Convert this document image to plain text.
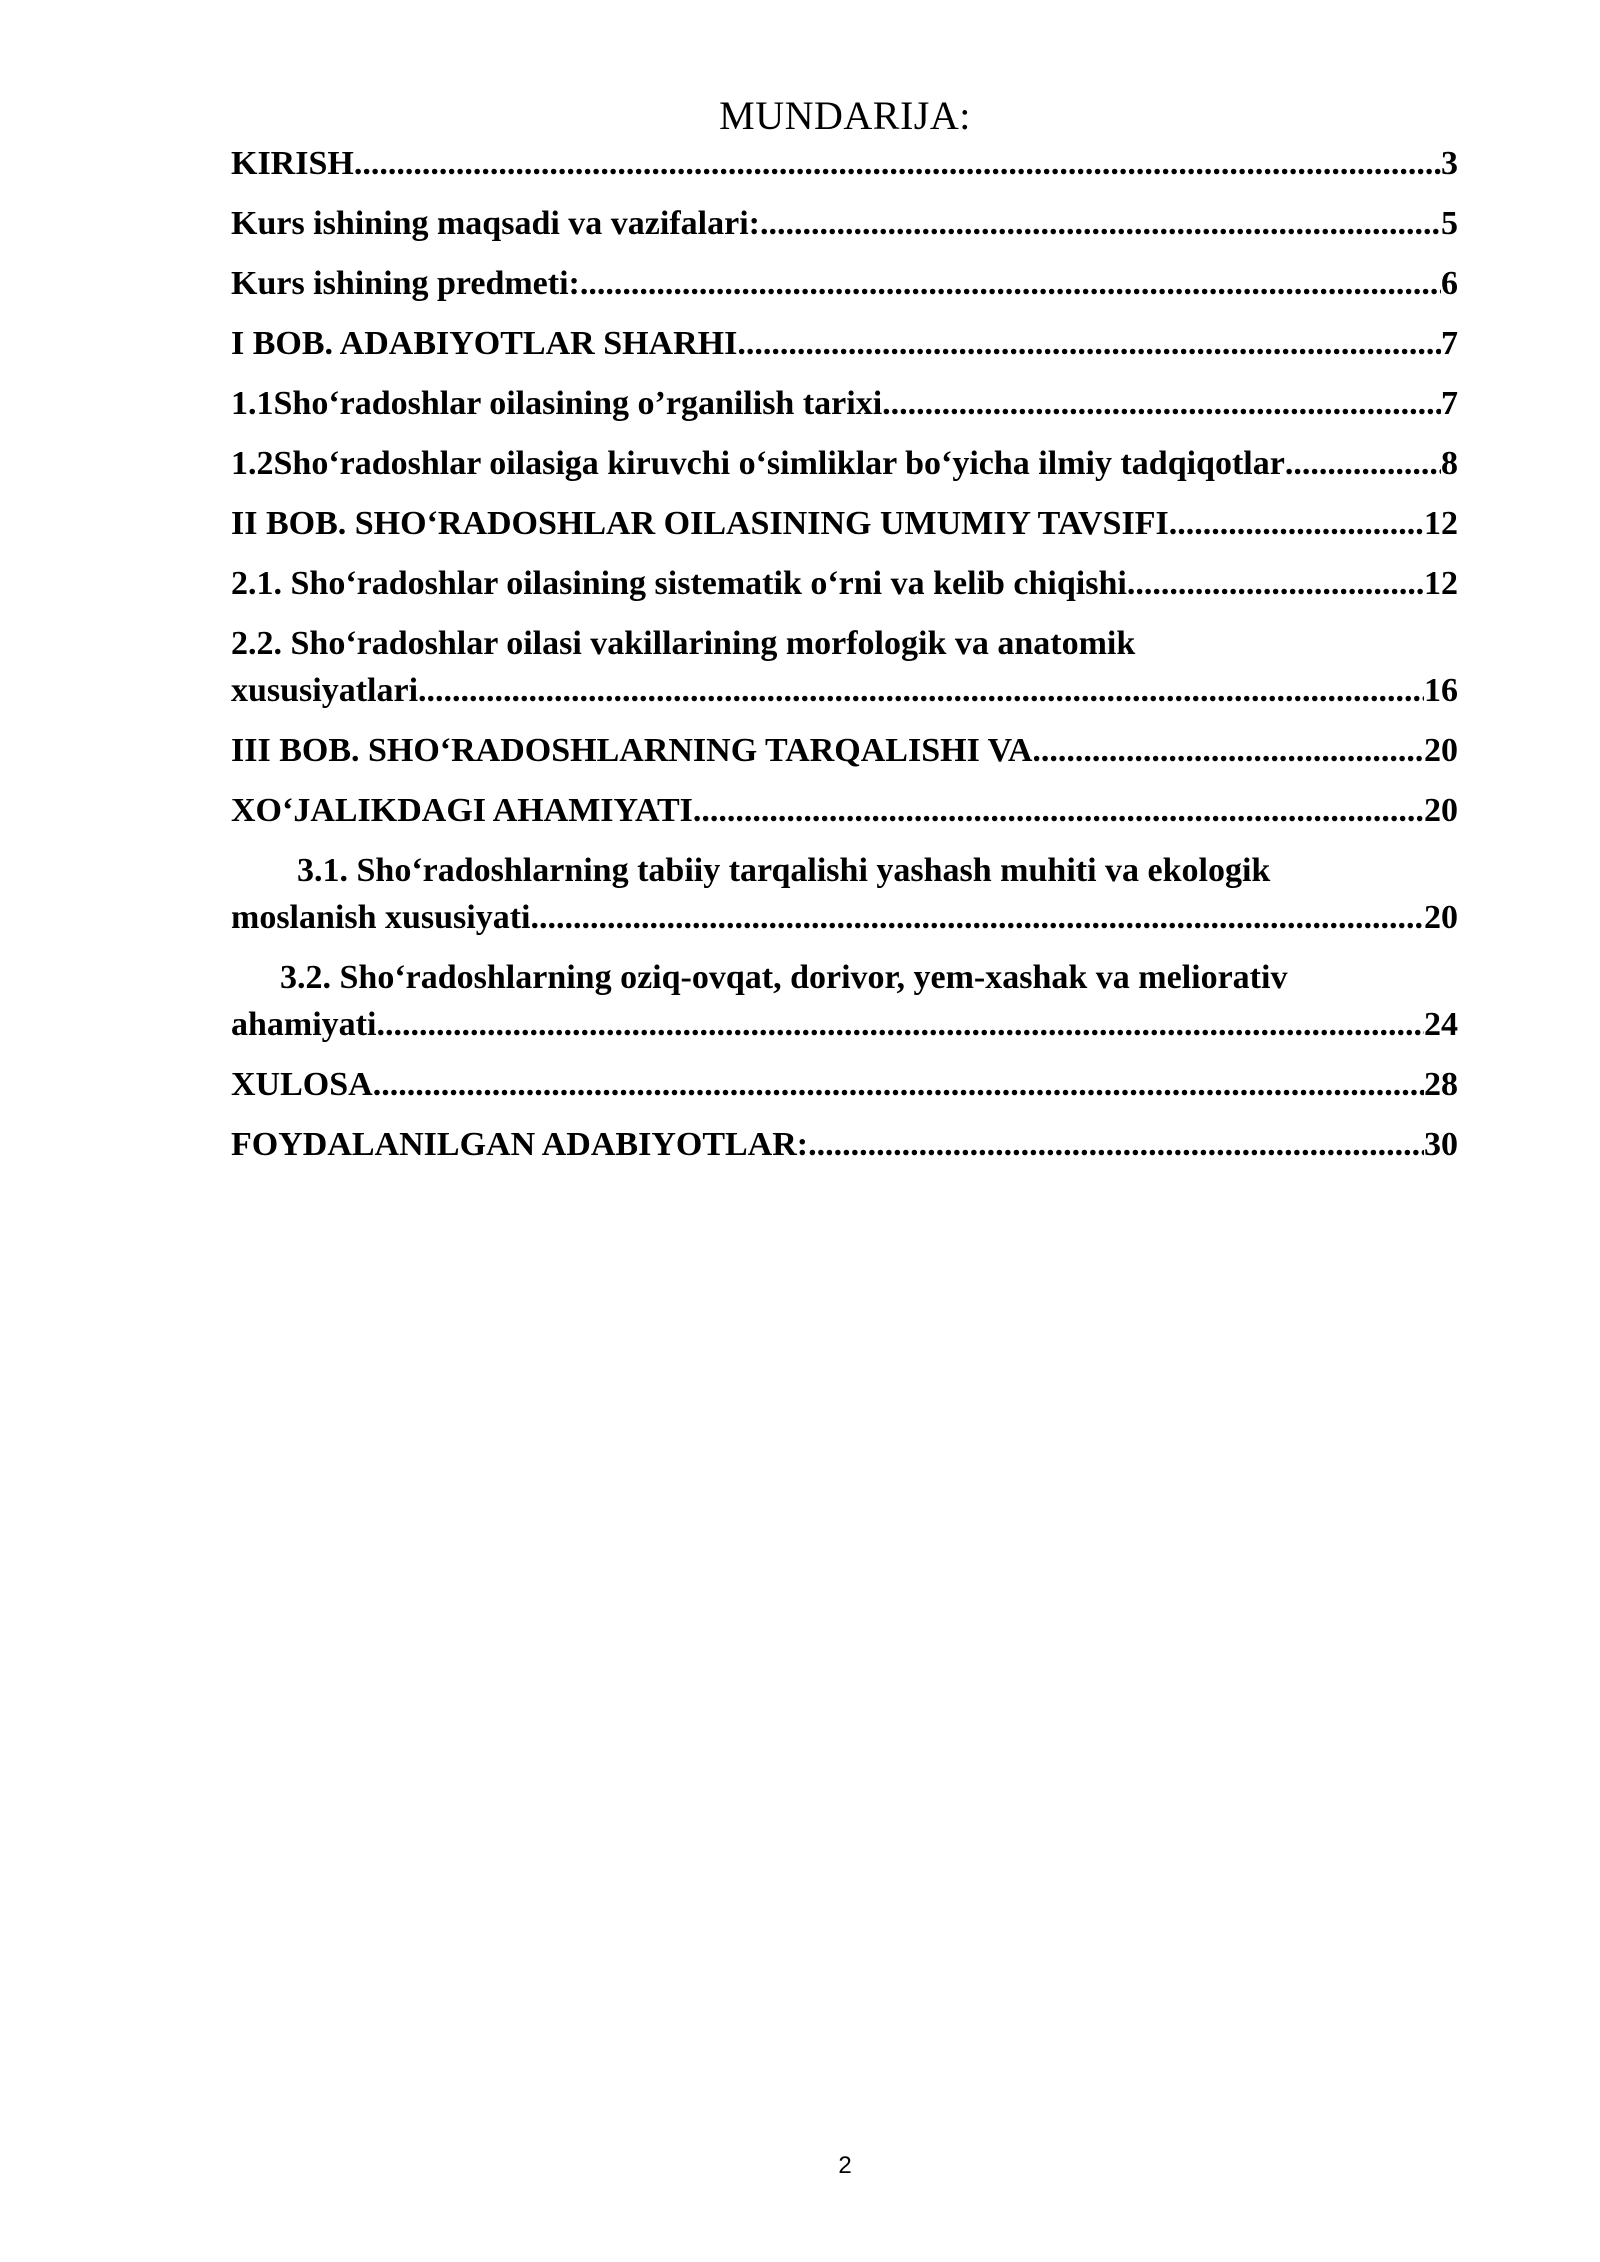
MUNDARIJA:
KIRISH .....	3
Kurs ishining maqsadi va vazifalari: .....	5
Kurs ishining predmeti: .....	6
I BOB. ADABIYOTLAR SHARHI .....	7
1.1Sho‘radoshlar oilasining o’rganilish tarixi .....	7
1.2Sho‘radoshlar oilasiga kiruvchi o‘simliklar bo‘yicha ilmiy tadqiqotlar .....	8
II BOB. SHO‘RADOSHLAR OILASINING UMUMIY TAVSIFI .....	12
2.1. Sho‘radoshlar oilasining sistematik o‘rni va kelib chiqishi .....	12
2.2. Sho‘radoshlar oilasi vakillarining morfologik va anatomik
xususiyatlari .....	16
III BOB. SHO‘RADOSHLARNING TARQALISHI VA .....	20
XO‘JALIKDAGI AHAMIYATI .....	20
3.1. Sho‘radoshlarning tabiiy tarqalishi yashash muhiti va ekologik
moslanish xususiyati .....	20
3.2. Sho‘radoshlarning oziq-ovqat, dorivor, yem-xashak va meliorativ
ahamiyati .....	24
XULOSA .....	28
FOYDALANILGAN ADABIYOTLAR: .....	30
2
